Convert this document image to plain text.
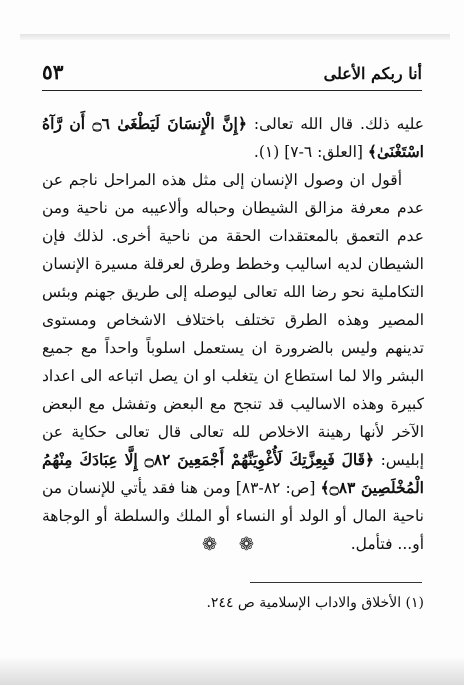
أنا ربكم الأعلى
٥٣

عليه ذلك. قال الله تعالى: ﴿إِنَّ الْإِنسَانَ لَيَطْغَىٰ ۝٦ أَن رَّآهُ اسْتَغْنَىٰ﴾ [العلق: ٦-٧] (١).

أقول ان وصول الإنسان إلى مثل هذه المراحل ناجم عن عدم معرفة مزالق الشيطان وحباله وألاعيبه من ناحية ومن عدم التعمق بالمعتقدات الحقة من ناحية أخرى. لذلك فإن الشيطان لديه اساليب وخطط وطرق لعرقلة مسيرة الإنسان التكاملية نحو رضا الله تعالى ليوصله إلى طريق جهنم وبئس المصير وهذه الطرق تختلف باختلاف الاشخاص ومستوى تدينهم وليس بالضرورة ان يستعمل اسلوباً واحداً مع جميع البشر والا لما استطاع ان يتغلب او ان يصل اتباعه الى اعداد كبيرة وهذه الاساليب قد تنجح مع البعض وتفشل مع البعض الآخر لأنها رهينة الاخلاص لله تعالى قال تعالى حكاية عن إبليس: ﴿قَالَ فَبِعِزَّتِكَ لَأُغْوِيَنَّهُمْ أَجْمَعِينَ ۝٨٢ إِلَّا عِبَادَكَ مِنْهُمُ الْمُخْلَصِينَ ۝٨٣﴾ [ص: ٨٢-٨٣] ومن هنا فقد يأتي للإنسان من ناحية المال أو الولد أو النساء أو الملك والسلطة أو الوجاهة أو... فتأمل.

❁ ❁
(١) الأخلاق والاداب الإسلامية ص ٢٤٤.
